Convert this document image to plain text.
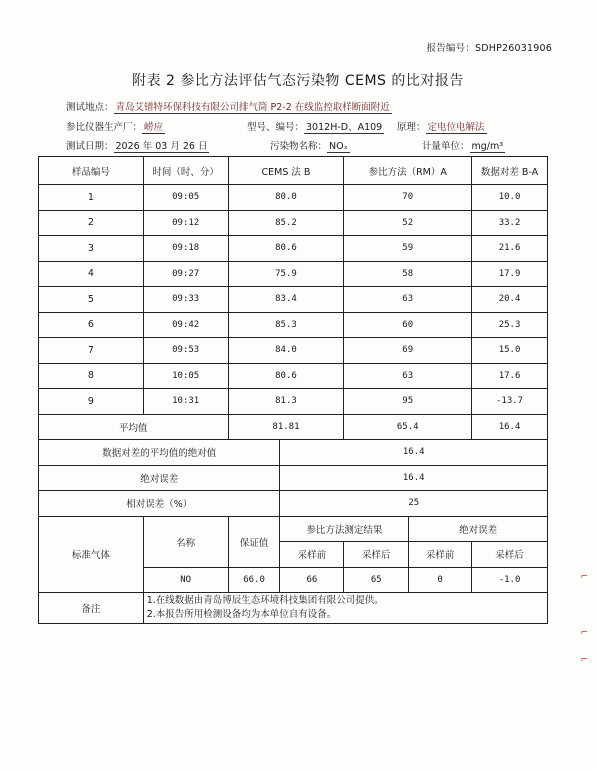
报告编号：SDHP26031906
附表 2 参比方法评估气态污染物 CEMS 的比对报告
测试地点： 青岛艾镨特环保科技有限公司排气筒 P2-2 在线监控取样断面附近
参比仪器生产厂： 崂应	型号、编号： 3012H-D、A109 原理： 定电位电解法
测试日期： 2026 年 03 月 26 日	污染物名称： NOₓ	计量单位： mg/m³
样品编号	时间（时、分）	CEMS 法 B		参比方法（RM）A		数据对差 B-A
1	09:05	80.0		70		10.0
2	09:12	85.2		52		33.2
3	09:18	80.6		59		21.6
4	09:27	75.9		58		17.9
5	09:33	83.4		63		20.4
6	09:42	85.3		60		25.3
7	09:53	84.0		69		15.0
8	10:05	80.6		63		17.6
9	10:31	81.3		95		-13.7
平均值		81.81		65.4		16.4
数据对差的平均值的绝对值			16.4			
绝对误差			16.4			
相对误差（%）			25			
标准气体	名称	保证值	参比方法测定结果		绝对误差	
			采样前	采样后	采样前	采样后
	NO	66.0	66	65	0	-1.0
备注	1.在线数据由青岛博辰生态环境科技集团有限公司提供。
2.本报告所用检测设备均为本单位自有设备。					
⌐
⌐
⌐
